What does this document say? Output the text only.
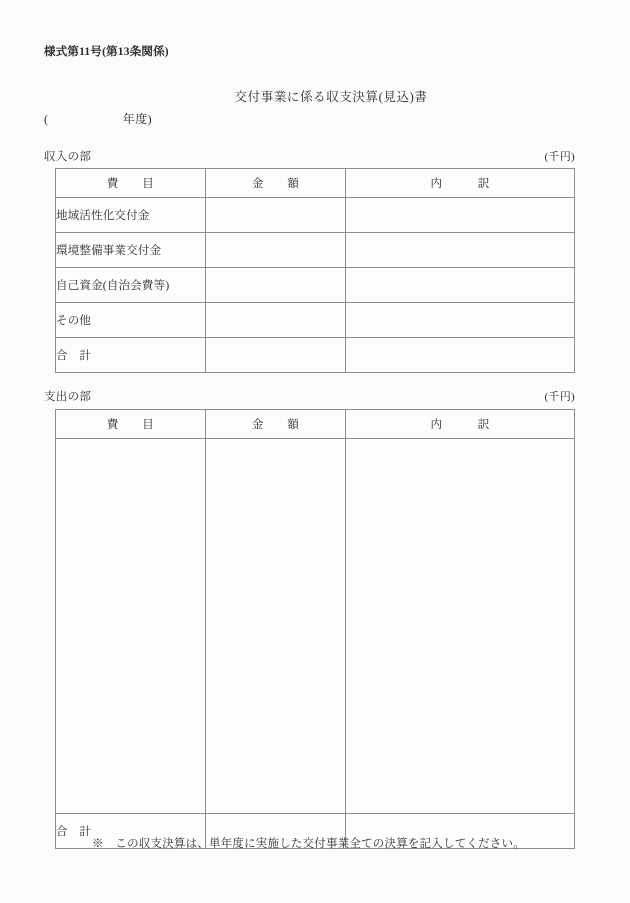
様式第11号(第13条関係)
交付事業に係る収支決算(見込)書
(　　　　　　年度)
収入の部	(千円)
費　　目	金　　額	内　　　訳
地域活性化交付金		
環境整備事業交付金		
自己資金(自治会費等)		
その他		
合　計		
支出の部	(千円)
費　　目	金　　額	内　　　訳

合　計		
※　この収支決算は、単年度に実施した交付事業全ての決算を記入してください。
